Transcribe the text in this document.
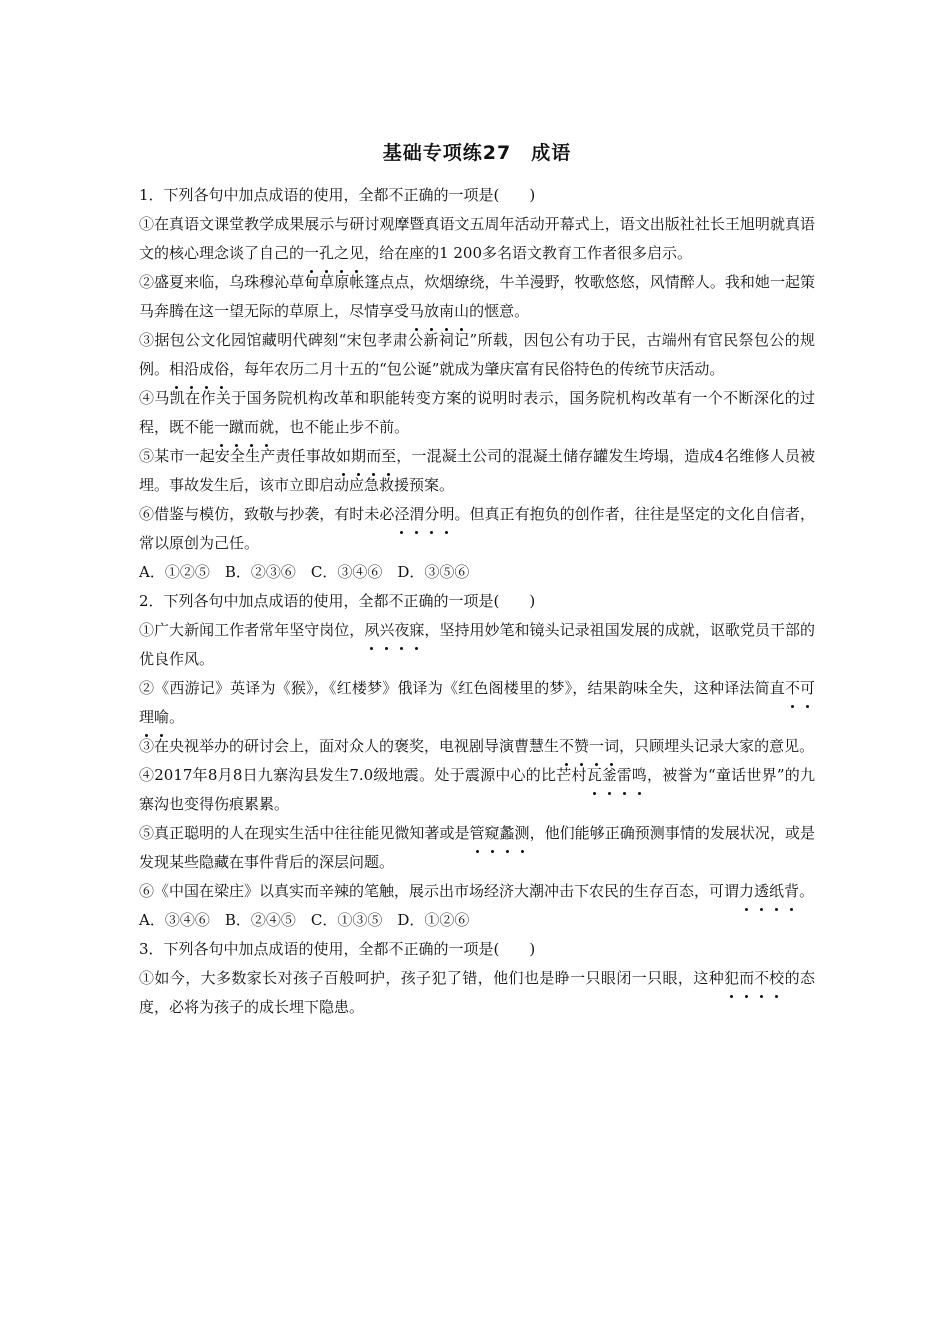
基础专项练27　成语

1．下列各句中加点成语的使用，全都不正确的一项是(　　)

①在真语文课堂教学成果展示与研讨观摩暨真语文五周年活动开幕式上，语文出版社社长王旭明就真语文的核心理念谈了自己的一孔之见，给在座的1 200多名语文教育工作者很多启示。

②盛夏来临，乌珠穆沁草甸草原帐篷点点，炊烟缭绕，牛羊漫野，牧歌悠悠，风情醉人。我和她一起策马奔腾在这一望无际的草原上，尽情享受马放南山的惬意。

③据包公文化园馆藏明代碑刻“宋包孝肃公新祠记”所载，因包公有功于民，古端州有官民祭包公的规例。相沿成俗，每年农历二月十五的“包公诞”就成为肇庆富有民俗特色的传统节庆活动。

④马凯在作关于国务院机构改革和职能转变方案的说明时表示，国务院机构改革有一个不断深化的过程，既不能一蹴而就，也不能止步不前。

⑤某市一起安全生产责任事故如期而至，一混凝土公司的混凝土储存罐发生垮塌，造成4名维修人员被埋。事故发生后，该市立即启动应急救援预案。

⑥借鉴与模仿，致敬与抄袭，有时未必泾渭分明。但真正有抱负的创作者，往往是坚定的文化自信者，常以原创为己任。

A．①②⑤　B．②③⑥　C．③④⑥　D．③⑤⑥

2．下列各句中加点成语的使用，全都不正确的一项是(　　)

①广大新闻工作者常年坚守岗位，夙兴夜寐，坚持用妙笔和镜头记录祖国发展的成就，讴歌党员干部的优良作风。

②《西游记》英译为《猴》，《红楼梦》俄译为《红色阁楼里的梦》，结果韵味全失，这种译法简直不可理喻。

③在央视举办的研讨会上，面对众人的褒奖，电视剧导演曹慧生不赞一词，只顾埋头记录大家的意见。

④2017年8月8日九寨沟县发生7.0级地震。处于震源中心的比芒村瓦釜雷鸣，被誉为“童话世界”的九寨沟也变得伤痕累累。

⑤真正聪明的人在现实生活中往往能见微知著或是管窥蠡测，他们能够正确预测事情的发展状况，或是发现某些隐藏在事件背后的深层问题。

⑥《中国在梁庄》以真实而辛辣的笔触，展示出市场经济大潮冲击下农民的生存百态，可谓力透纸背。

A．③④⑥　B．②④⑤　C．①③⑤　D．①②⑥

3．下列各句中加点成语的使用，全都不正确的一项是(　　)

①如今，大多数家长对孩子百般呵护，孩子犯了错，他们也是睁一只眼闭一只眼，这种犯而不校的态度，必将为孩子的成长埋下隐患。
